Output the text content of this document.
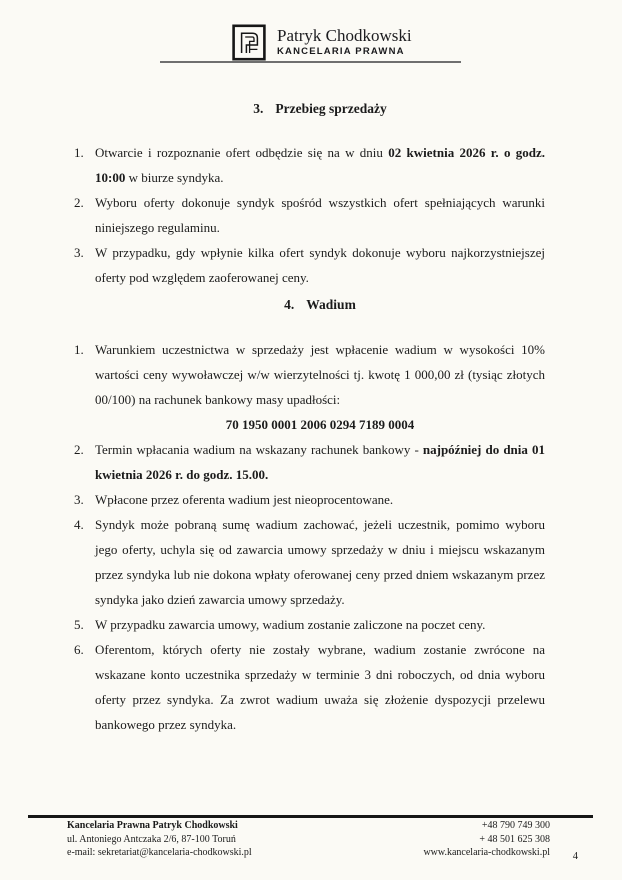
Patryk Chodkowski
KANCELARIA PRAWNA
3. Przebieg sprzedaży
1. Otwarcie i rozpoznanie ofert odbędzie się na w dniu 02 kwietnia 2026 r. o godz. 10:00 w biurze syndyka.
2. Wyboru oferty dokonuje syndyk spośród wszystkich ofert spełniających warunki niniejszego regulaminu.
3. W przypadku, gdy wpłynie kilka ofert syndyk dokonuje wyboru najkorzystniejszej oferty pod względem zaoferowanej ceny.
4. Wadium
1. Warunkiem uczestnictwa w sprzedaży jest wpłacenie wadium w wysokości 10% wartości ceny wywoławczej w/w wierzytelności tj. kwotę 1 000,00 zł (tysiąc złotych 00/100) na rachunek bankowy masy upadłości:
70 1950 0001 2006 0294 7189 0004
2. Termin wpłacania wadium na wskazany rachunek bankowy - najpóźniej do dnia 01 kwietnia 2026 r. do godz. 15.00.
3. Wpłacone przez oferenta wadium jest nieoprocentowane.
4. Syndyk może pobraną sumę wadium zachować, jeżeli uczestnik, pomimo wyboru jego oferty, uchyla się od zawarcia umowy sprzedaży w dniu i miejscu wskazanym przez syndyka lub nie dokona wpłaty oferowanej ceny przed dniem wskazanym przez syndyka jako dzień zawarcia umowy sprzedaży.
5. W przypadku zawarcia umowy, wadium zostanie zaliczone na poczet ceny.
6. Oferentom, których oferty nie zostały wybrane, wadium zostanie zwrócone na wskazane konto uczestnika sprzedaży w terminie 3 dni roboczych, od dnia wyboru oferty przez syndyka. Za zwrot wadium uważa się złożenie dyspozycji przelewu bankowego przez syndyka.
Kancelaria Prawna Patryk Chodkowski
ul. Antoniego Antczaka 2/6, 87-100 Toruń
e-mail: sekretariat@kancelaria-chodkowski.pl
+48 790 749 300
+ 48 501 625 308
www.kancelaria-chodkowski.pl 4
